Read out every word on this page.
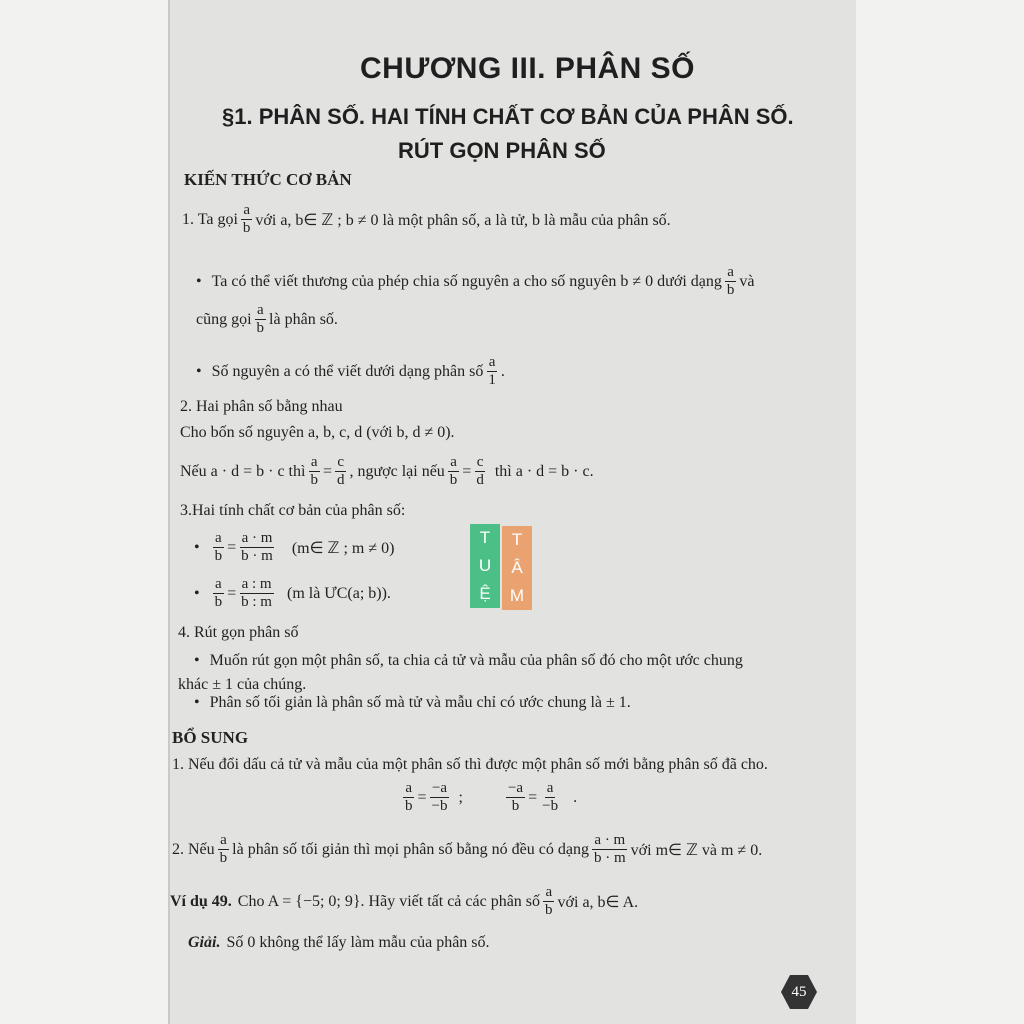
CHƯƠNG III. PHÂN SỐ
§1. PHÂN SỐ. HAI TÍNH CHẤT CƠ BẢN CỦA PHÂN SỐ.
RÚT GỌN PHÂN SỐ
KIẾN THỨC CƠ BẢN
1. Ta gọi $\frac{a}{b}$ với a, b∈ ℤ ; b ≠ 0 là một phân số, a là tử, b là mẫu của phân số.
• Ta có thể viết thương của phép chia số nguyên a cho số nguyên b ≠ 0 dưới dạng $\frac{a}{b}$ và
cũng gọi $\frac{a}{b}$ là phân số.
• Số nguyên a có thể viết dưới dạng phân số $\frac{a}{1}$ .
2. Hai phân số bằng nhau
Cho bốn số nguyên a, b, c, d (với b, d ≠ 0).
Nếu a · d = b · c thì $\frac{a}{b} = \frac{c}{d}$ , ngược lại nếu $\frac{a}{b} = \frac{c}{d}$ thì a · d = b · c.
3.Hai tính chất cơ bản của phân số:
• $\frac{a}{b} = \frac{a \cdot m}{b \cdot m}$ (m∈ ℤ ; m ≠ 0)
• $\frac{a}{b} = \frac{a : m}{b : m} (m$ là ƯC(a; b)).
T	T
U	Â
Ệ	M
4. Rút gọn phân số
• Muốn rút gọn một phân số, ta chia cả tử và mẫu của phân số đó cho một ước chung
khác ± 1 của chúng.
• Phân số tối giản là phân số mà tử và mẫu chỉ có ước chung là ± 1.
BỔ SUNG
1. Nếu đổi dấu cả tử và mẫu của một phân số thì được một phân số mới bằng phân số đã cho.
$\frac{a}{b} = \frac{-a}{-b}$ ;	$\frac{-a}{b} = \frac{a}{-b}$ .
2. Nếu $\frac{a}{b}$ là phân số tối giản thì mọi phân số bằng nó đều có dạng $\frac{a \cdot m}{b \cdot m}$ với m∈ ℤ và m ≠ 0.
Ví dụ 49. Cho A = {−5; 0; 9}. Hãy viết tất cả các phân số $\frac{a}{b}$ với a, b∈ A.
Giải. Số 0 không thể lấy làm mẫu của phân số.
45
